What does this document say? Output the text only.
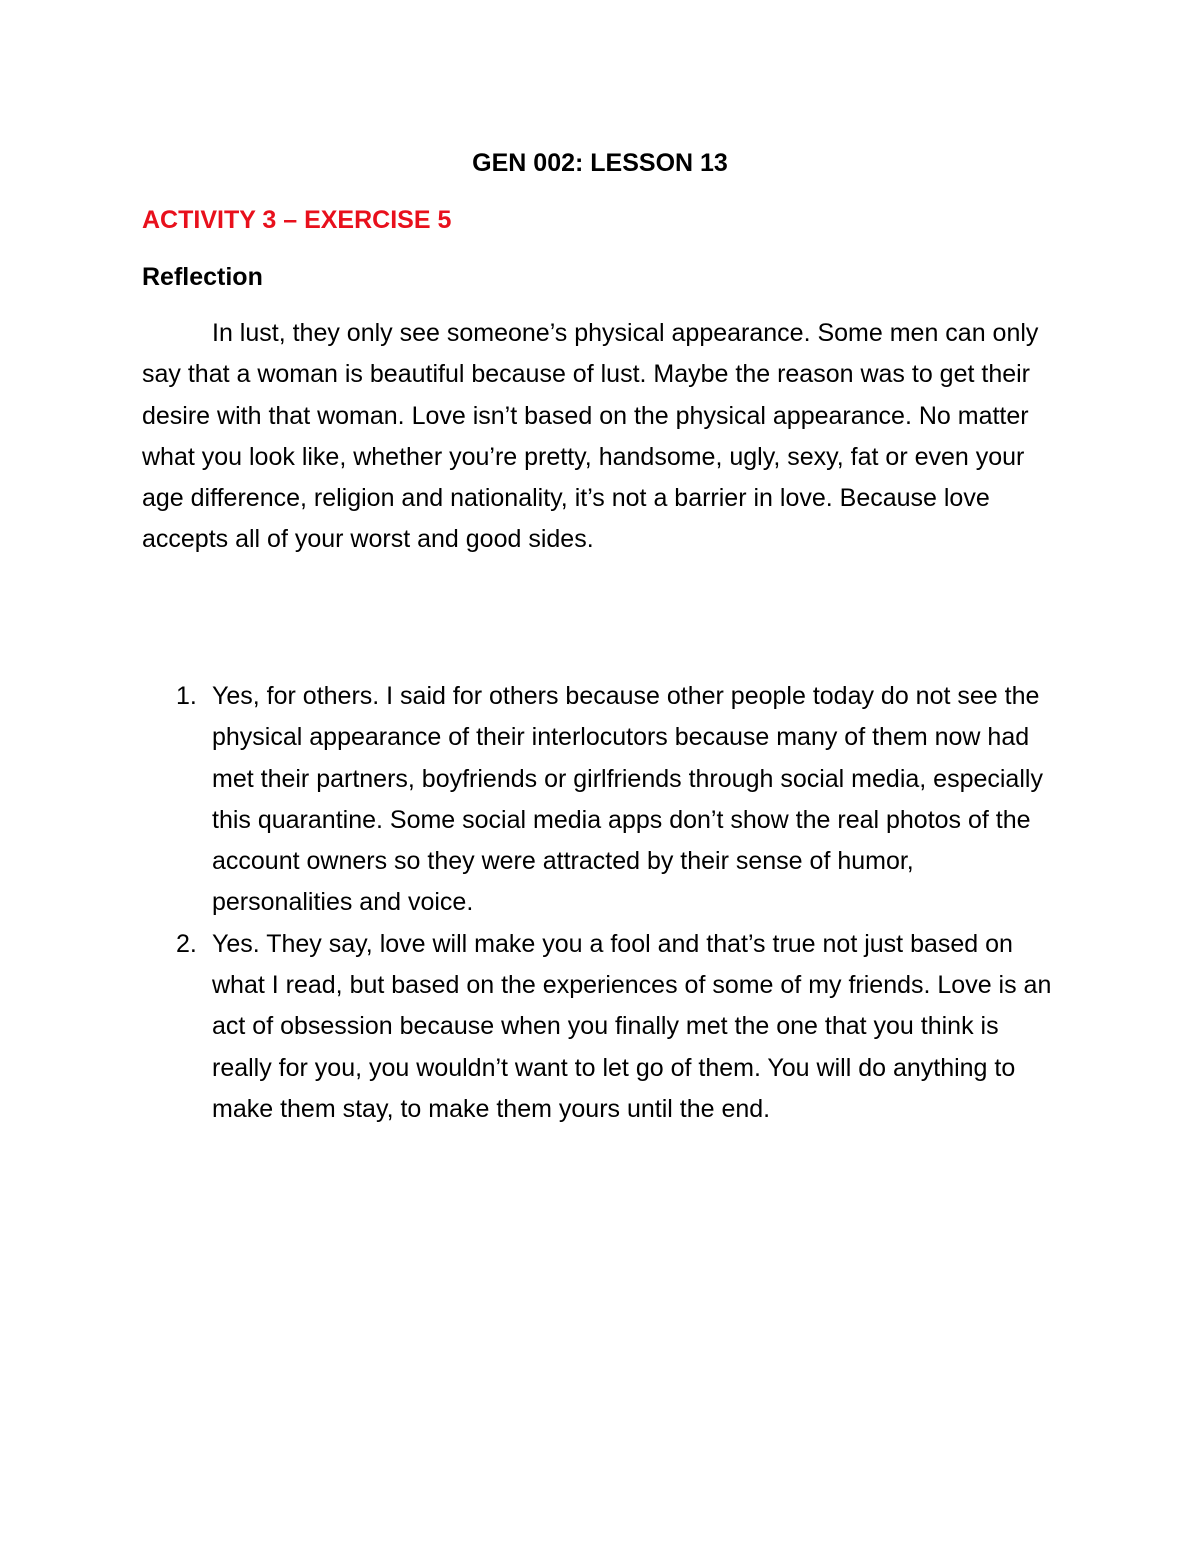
GEN 002: LESSON 13
ACTIVITY 3 – EXERCISE 5
Reflection

In lust, they only see someone’s physical appearance. Some men can only say that a woman is beautiful because of lust. Maybe the reason was to get their desire with that woman. Love isn’t based on the physical appearance. No matter what you look like, whether you’re pretty, handsome, ugly, sexy, fat or even your age difference, religion and nationality, it’s not a barrier in love. Because love accepts all of your worst and good sides.

1. Yes, for others. I said for others because other people today do not see the physical appearance of their interlocutors because many of them now had met their partners, boyfriends or girlfriends through social media, especially this quarantine. Some social media apps don’t show the real photos of the account owners so they were attracted by their sense of humor, personalities and voice.
2. Yes. They say, love will make you a fool and that’s true not just based on what I read, but based on the experiences of some of my friends. Love is an act of obsession because when you finally met the one that you think is really for you, you wouldn’t want to let go of them. You will do anything to make them stay, to make them yours until the end.
